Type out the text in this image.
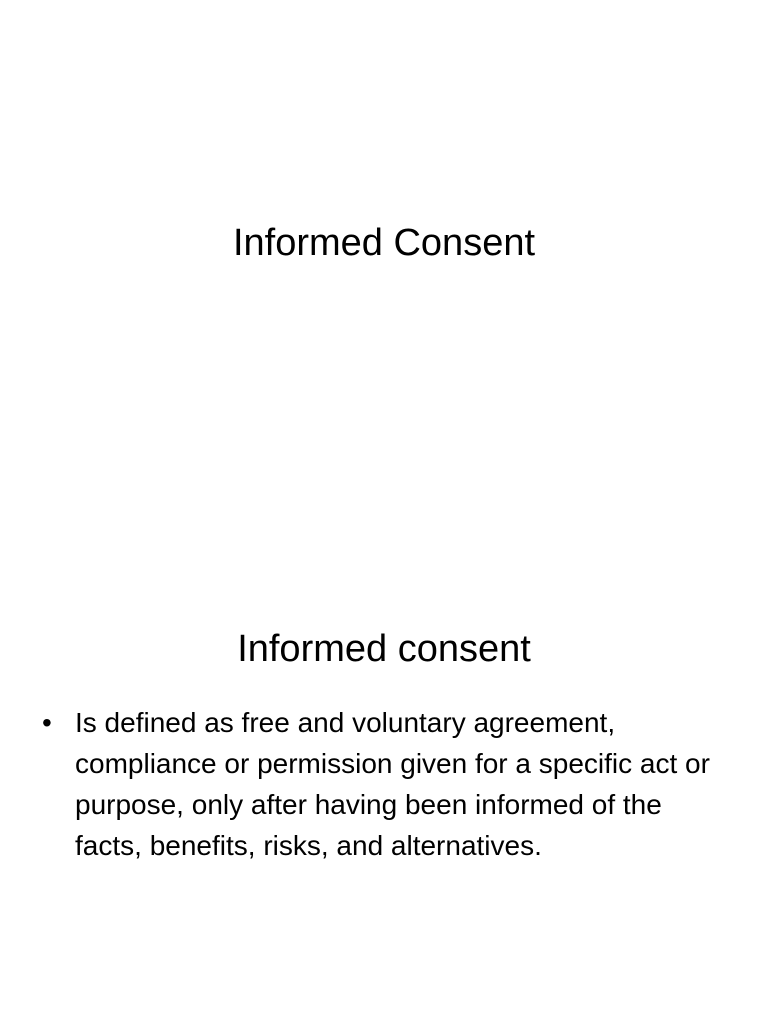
Informed Consent
Informed consent
• Is defined as free and voluntary agreement, compliance or permission given for a specific act or purpose, only after having been informed of the facts, benefits, risks, and alternatives.
